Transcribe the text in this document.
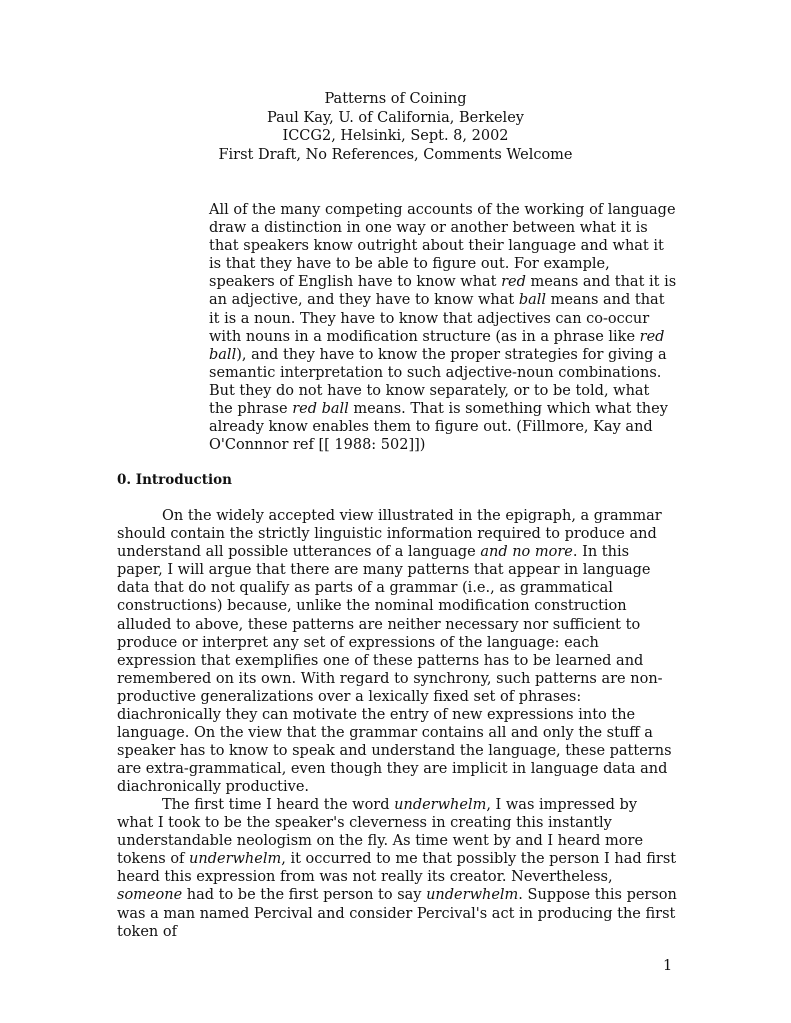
Patterns of Coining
Paul Kay, U. of California, Berkeley
ICCG2, Helsinki, Sept. 8, 2002
First Draft, No References, Comments Welcome
All of the many competing accounts of the working of language draw a distinction in one way or another between what it is that speakers know outright about their language and what it is that they have to be able to figure out. For example, speakers of English have to know what red means and that it is an adjective, and they have to know what ball means and that it is a noun. They have to know that adjectives can co-occur with nouns in a modification structure (as in a phrase like red ball), and they have to know the proper strategies for giving a semantic interpretation to such adjective-noun combinations. But they do not have to know separately, or to be told, what the phrase red ball means. That is something which what they already know enables them to figure out. (Fillmore, Kay and O'Connnor ref [[ 1988: 502]])
0. Introduction
On the widely accepted view illustrated in the epigraph, a grammar should contain the strictly linguistic information required to produce and understand all possible utterances of a language and no more. In this paper, I will argue that there are many patterns that appear in language data that do not qualify as parts of a grammar (i.e., as grammatical constructions) because, unlike the nominal modification construction alluded to above, these patterns are neither necessary nor sufficient to produce or interpret any set of expressions of the language: each expression that exemplifies one of these patterns has to be learned and remembered on its own. With regard to synchrony, such patterns are non-productive generalizations over a lexically fixed set of phrases: diachronically they can motivate the entry of new expressions into the language. On the view that the grammar contains all and only the stuff a speaker has to know to speak and understand the language, these patterns are extra-grammatical, even though they are implicit in language data and diachronically productive.
The first time I heard the word underwhelm, I was impressed by what I took to be the speaker's cleverness in creating this instantly understandable neologism on the fly. As time went by and I heard more tokens of underwhelm, it occurred to me that possibly the person I had first heard this expression from was not really its creator. Nevertheless, someone had to be the first person to say underwhelm. Suppose this person was a man named Percival and consider Percival's act in producing the first token of
1
